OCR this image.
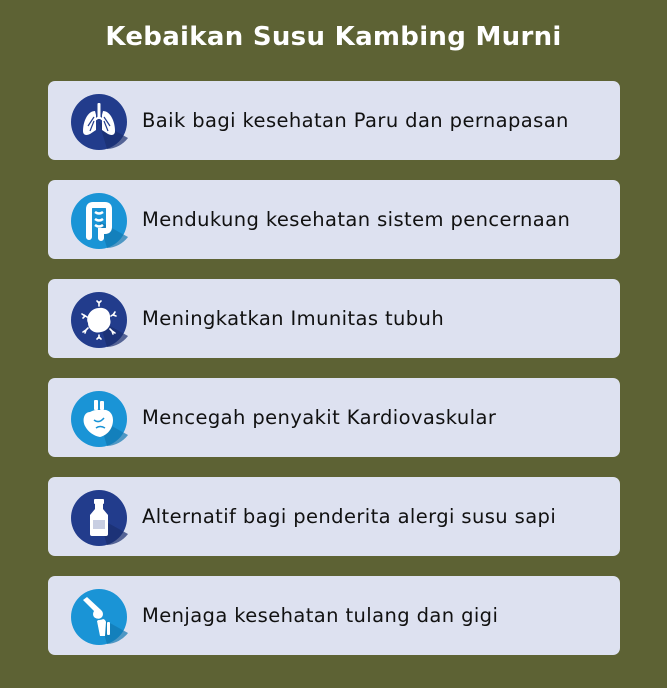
Kebaikan Susu Kambing Murni
Baik bagi kesehatan Paru dan pernapasan
Mendukung kesehatan sistem pencernaan
Meningkatkan Imunitas tubuh
Mencegah penyakit Kardiovaskular
Alternatif bagi penderita alergi susu sapi
Menjaga kesehatan tulang dan gigi
